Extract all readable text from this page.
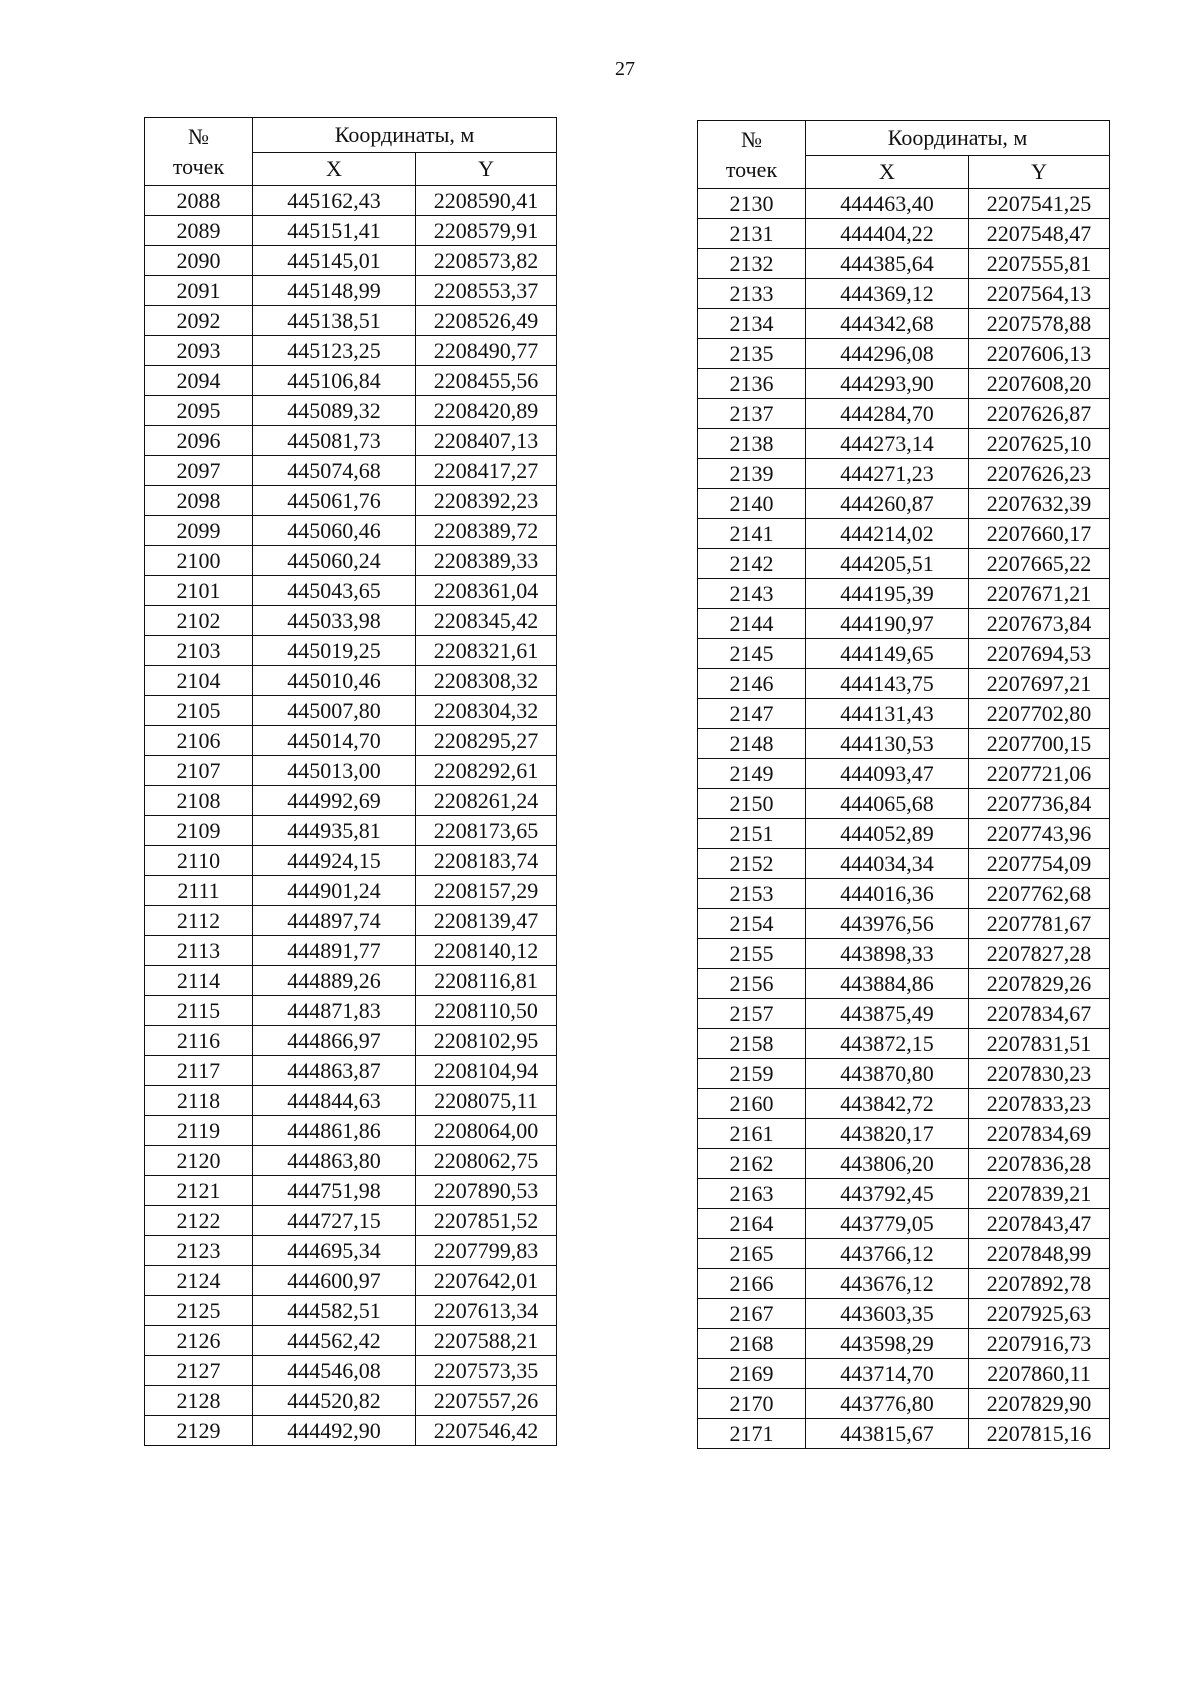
27
№
точек	Координаты, м	
	X	Y
2088	445162,43	2208590,41
2089	445151,41	2208579,91
2090	445145,01	2208573,82
2091	445148,99	2208553,37
2092	445138,51	2208526,49
2093	445123,25	2208490,77
2094	445106,84	2208455,56
2095	445089,32	2208420,89
2096	445081,73	2208407,13
2097	445074,68	2208417,27
2098	445061,76	2208392,23
2099	445060,46	2208389,72
2100	445060,24	2208389,33
2101	445043,65	2208361,04
2102	445033,98	2208345,42
2103	445019,25	2208321,61
2104	445010,46	2208308,32
2105	445007,80	2208304,32
2106	445014,70	2208295,27
2107	445013,00	2208292,61
2108	444992,69	2208261,24
2109	444935,81	2208173,65
2110	444924,15	2208183,74
2111	444901,24	2208157,29
2112	444897,74	2208139,47
2113	444891,77	2208140,12
2114	444889,26	2208116,81
2115	444871,83	2208110,50
2116	444866,97	2208102,95
2117	444863,87	2208104,94
2118	444844,63	2208075,11
2119	444861,86	2208064,00
2120	444863,80	2208062,75
2121	444751,98	2207890,53
2122	444727,15	2207851,52
2123	444695,34	2207799,83
2124	444600,97	2207642,01
2125	444582,51	2207613,34
2126	444562,42	2207588,21
2127	444546,08	2207573,35
2128	444520,82	2207557,26
2129	444492,90	2207546,42
№
точек	Координаты, м	
	X	Y
2130	444463,40	2207541,25
2131	444404,22	2207548,47
2132	444385,64	2207555,81
2133	444369,12	2207564,13
2134	444342,68	2207578,88
2135	444296,08	2207606,13
2136	444293,90	2207608,20
2137	444284,70	2207626,87
2138	444273,14	2207625,10
2139	444271,23	2207626,23
2140	444260,87	2207632,39
2141	444214,02	2207660,17
2142	444205,51	2207665,22
2143	444195,39	2207671,21
2144	444190,97	2207673,84
2145	444149,65	2207694,53
2146	444143,75	2207697,21
2147	444131,43	2207702,80
2148	444130,53	2207700,15
2149	444093,47	2207721,06
2150	444065,68	2207736,84
2151	444052,89	2207743,96
2152	444034,34	2207754,09
2153	444016,36	2207762,68
2154	443976,56	2207781,67
2155	443898,33	2207827,28
2156	443884,86	2207829,26
2157	443875,49	2207834,67
2158	443872,15	2207831,51
2159	443870,80	2207830,23
2160	443842,72	2207833,23
2161	443820,17	2207834,69
2162	443806,20	2207836,28
2163	443792,45	2207839,21
2164	443779,05	2207843,47
2165	443766,12	2207848,99
2166	443676,12	2207892,78
2167	443603,35	2207925,63
2168	443598,29	2207916,73
2169	443714,70	2207860,11
2170	443776,80	2207829,90
2171	443815,67	2207815,16
